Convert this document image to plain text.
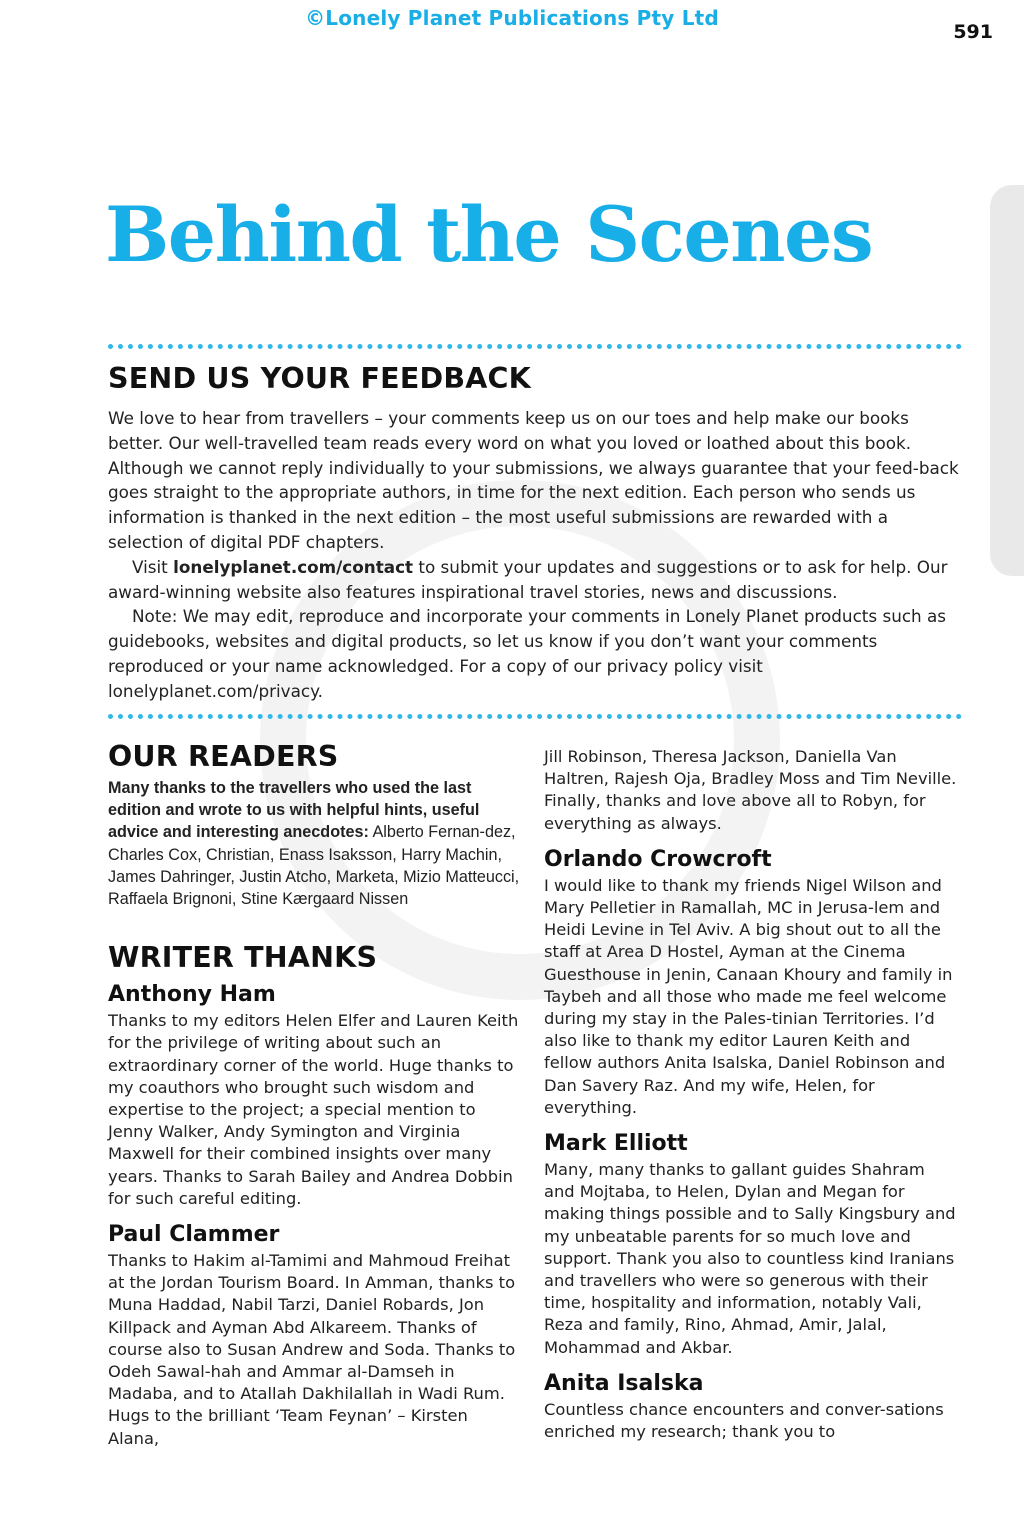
©Lonely Planet Publications Pty Ltd
591
Behind the Scenes
SEND US YOUR FEEDBACK

We love to hear from travellers – your comments keep us on our toes and help make our books better. Our well-travelled team reads every word on what you loved or loathed about this book. Although we cannot reply individually to your submissions, we always guarantee that your feed-back goes straight to the appropriate authors, in time for the next edition. Each person who sends us information is thanked in the next edition – the most useful submissions are rewarded with a selection of digital PDF chapters.

Visit lonelyplanet.com/contact to submit your updates and suggestions or to ask for help. Our award-winning website also features inspirational travel stories, news and discussions.

Note: We may edit, reproduce and incorporate your comments in Lonely Planet products such as guidebooks, websites and digital products, so let us know if you don’t want your comments reproduced or your name acknowledged. For a copy of our privacy policy visit lonelyplanet.com/privacy.

OUR READERS

Many thanks to the travellers who used the last edition and wrote to us with helpful hints, useful advice and interesting anecdotes: Alberto Fernan-dez, Charles Cox, Christian, Enass Isaksson, Harry Machin, James Dahringer, Justin Atcho, Marketa, Mizio Matteucci, Raffaela Brignoni, Stine Kærgaard Nissen

WRITER THANKS
Anthony Ham

Thanks to my editors Helen Elfer and Lauren Keith for the privilege of writing about such an extraordinary corner of the world. Huge thanks to my coauthors who brought such wisdom and expertise to the project; a special mention to Jenny Walker, Andy Symington and Virginia Maxwell for their combined insights over many years. Thanks to Sarah Bailey and Andrea Dobbin for such careful editing.

Paul Clammer

Thanks to Hakim al-Tamimi and Mahmoud Freihat at the Jordan Tourism Board. In Amman, thanks to Muna Haddad, Nabil Tarzi, Daniel Robards, Jon Killpack and Ayman Abd Alkareem. Thanks of course also to Susan Andrew and Soda. Thanks to Odeh Sawal-hah and Ammar al-Damseh in Madaba, and to Atallah Dakhilallah in Wadi Rum. Hugs to the brilliant ‘Team Feynan’ – Kirsten Alana,

Jill Robinson, Theresa Jackson, Daniella Van Haltren, Rajesh Oja, Bradley Moss and Tim Neville. Finally, thanks and love above all to Robyn, for everything as always.

Orlando Crowcroft

I would like to thank my friends Nigel Wilson and Mary Pelletier in Ramallah, MC in Jerusa-lem and Heidi Levine in Tel Aviv. A big shout out to all the staff at Area D Hostel, Ayman at the Cinema Guesthouse in Jenin, Canaan Khoury and family in Taybeh and all those who made me feel welcome during my stay in the Pales-tinian Territories. I’d also like to thank my editor Lauren Keith and fellow authors Anita Isalska, Daniel Robinson and Dan Savery Raz. And my wife, Helen, for everything.

Mark Elliott

Many, many thanks to gallant guides Shahram and Mojtaba, to Helen, Dylan and Megan for making things possible and to Sally Kingsbury and my unbeatable parents for so much love and support. Thank you also to countless kind Iranians and travellers who were so generous with their time, hospitality and information, notably Vali, Reza and family, Rino, Ahmad, Amir, Jalal, Mohammad and Akbar.

Anita Isalska

Countless chance encounters and conver-sations enriched my research; thank you to
